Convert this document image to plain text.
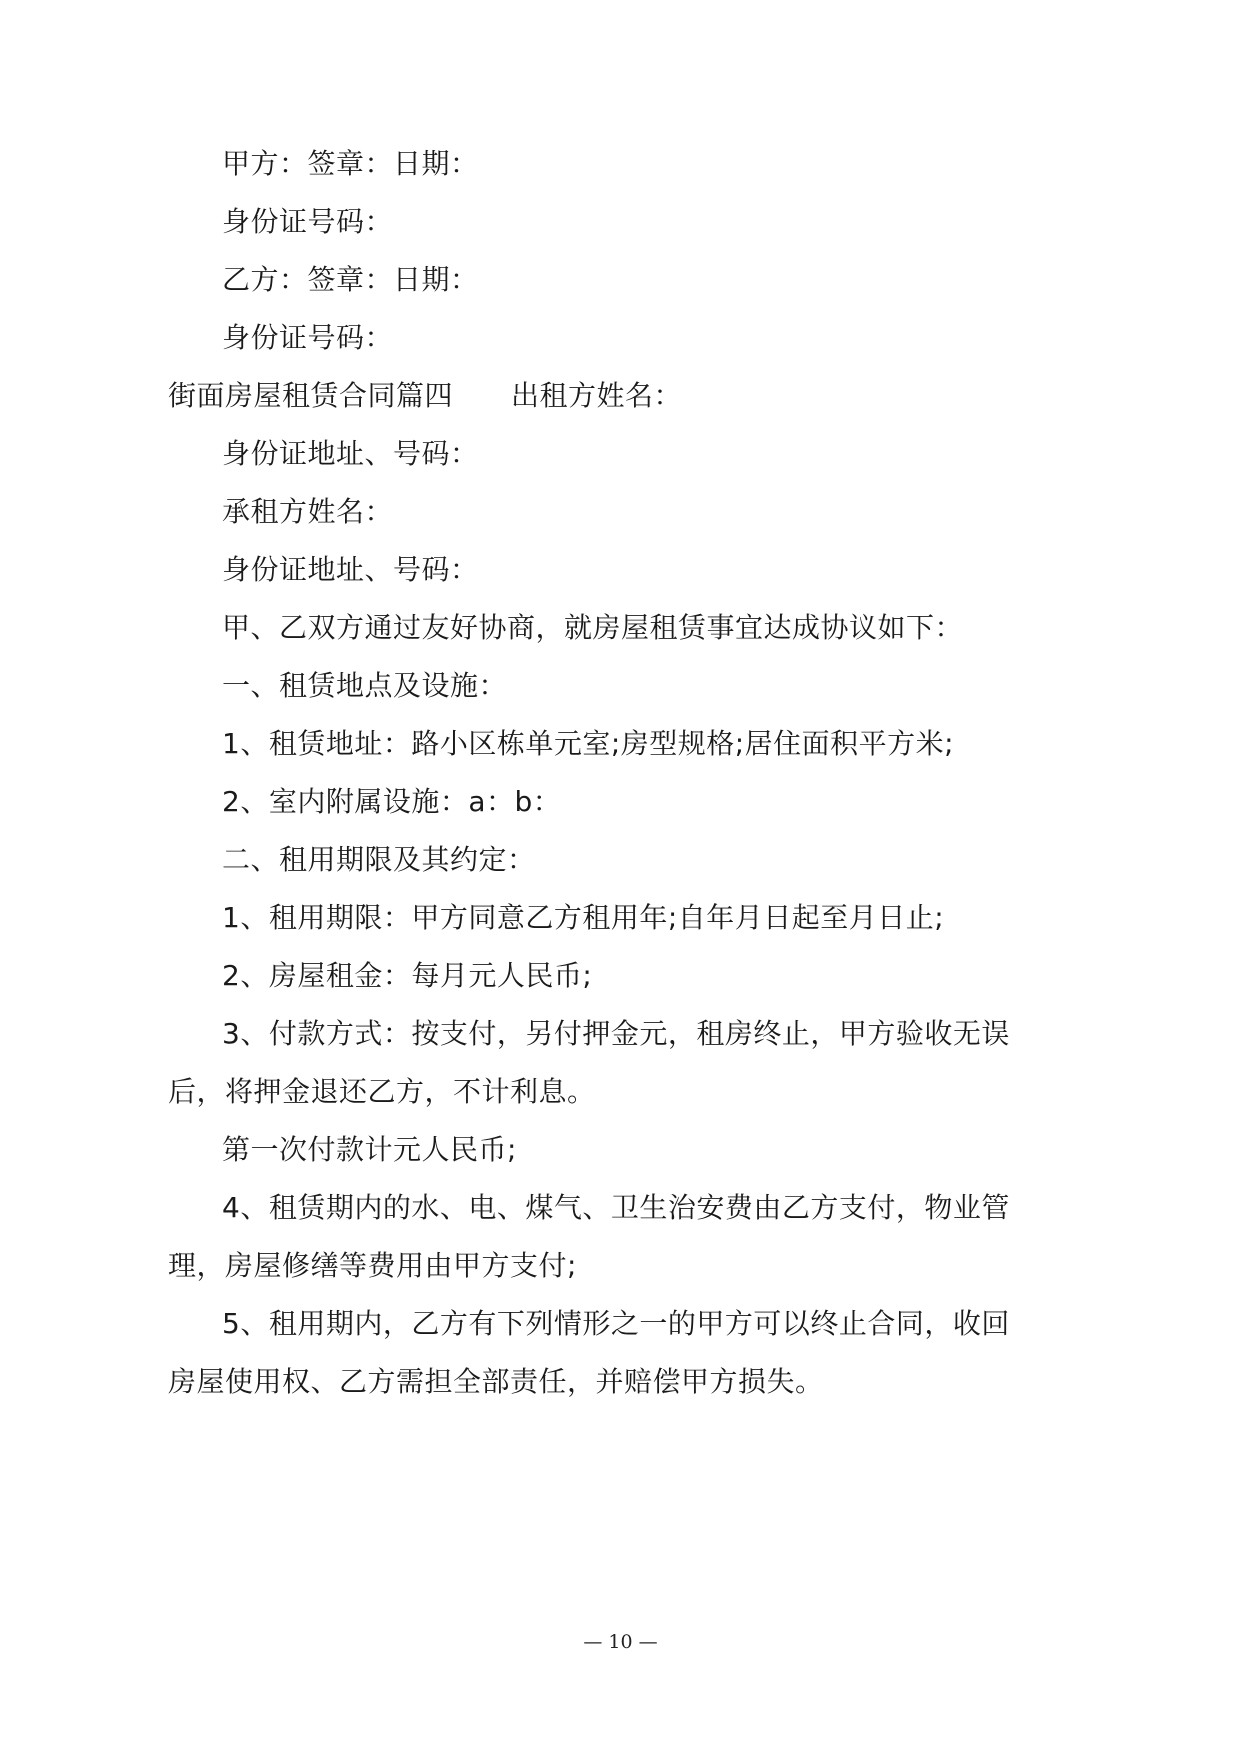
甲方：签章：日期：
身份证号码：
乙方：签章：日期：
身份证号码：
街面房屋租赁合同篇四 出租方姓名：
身份证地址、号码：
承租方姓名：
身份证地址、号码：
甲、乙双方通过友好协商，就房屋租赁事宜达成协议如下：
一、租赁地点及设施：
1、租赁地址：路小区栋单元室;房型规格;居住面积平方米;
2、室内附属设施：a：b：
二、租用期限及其约定：
1、租用期限：甲方同意乙方租用年;自年月日起至月日止;
2、房屋租金：每月元人民币;
3、付款方式：按支付，另付押金元，租房终止，甲方验收无误
后，将押金退还乙方，不计利息。
第一次付款计元人民币;
4、租赁期内的水、电、煤气、卫生治安费由乙方支付，物业管
理，房屋修缮等费用由甲方支付;
5、租用期内，乙方有下列情形之一的甲方可以终止合同，收回
房屋使用权、乙方需担全部责任，并赔偿甲方损失。
— 10 —
